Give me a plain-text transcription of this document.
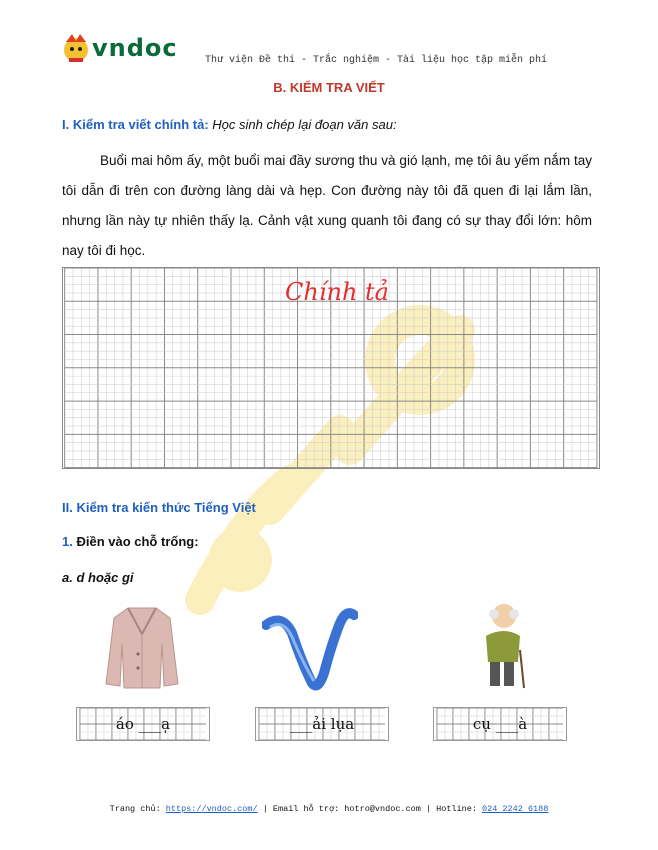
vndoc	Thư viện Đề thi - Trắc nghiệm - Tài liệu học tập miễn phí
B. KIỂM TRA VIẾT
I. Kiểm tra viết chính tả: Học sinh chép lại đoạn văn sau:
Buổi mai hôm ấy, một buổi mai đầy sương thu và gió lạnh, mẹ tôi âu yếm nắm tay tôi dẫn đi trên con đường làng dài và hẹp. Con đường này tôi đã quen đi lại lắm lần, nhưng lần này tự nhiên thấy lạ. Cảnh vật xung quanh tôi đang có sự thay đổi lớn: hôm nay tôi đi học.
Chính tả
II. Kiểm tra kiến thức Tiếng Việt
1. Điền vào chỗ trống:
a. d hoặc gi
áo ___a̩	___ải lụa	cụ ___à
Trang chủ: https://vndoc.com/ | Email hỗ trợ: hotro@vndoc.com | Hotline: 024 2242 6188
